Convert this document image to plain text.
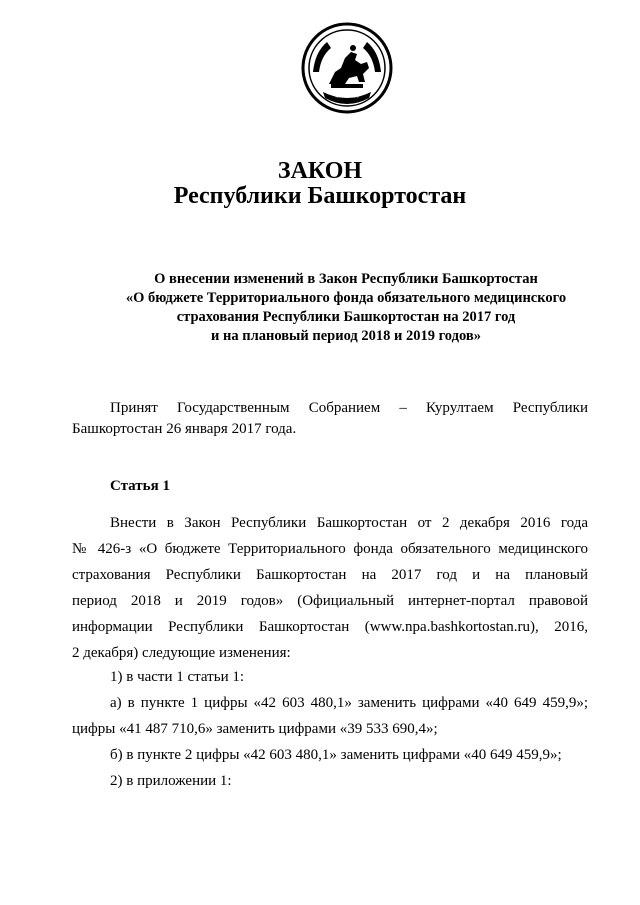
~~~~~~~~
ЗАКОН
Республики Башкортостан
О внесении изменений в Закон Республики Башкортостан
«О бюджете Территориального фонда обязательного медицинского
страхования Республики Башкортостан на 2017 год
и на плановый период 2018 и 2019 годов»
Принят Государственным Собранием – Курултаем Республики
Башкортостан 26 января 2017 года.
Статья 1
Внести в Закон Республики Башкортостан от 2 декабря 2016 года
№ 426-з «О бюджете Территориального фонда обязательного медицинского
страхования Республики Башкортостан на 2017 год и на плановый
период 2018 и 2019 годов» (Официальный интернет-портал правовой
информации Республики Башкортостан (www.npa.bashkortostan.ru), 2016,
2 декабря) следующие изменения:
1) в части 1 статьи 1:
а) в пункте 1 цифры «42 603 480,1» заменить цифрами «40 649 459,9»; цифры «41 487 710,6» заменить цифрами «39 533 690,4»;
б) в пункте 2 цифры «42 603 480,1» заменить цифрами «40 649 459,9»;
2) в приложении 1:
